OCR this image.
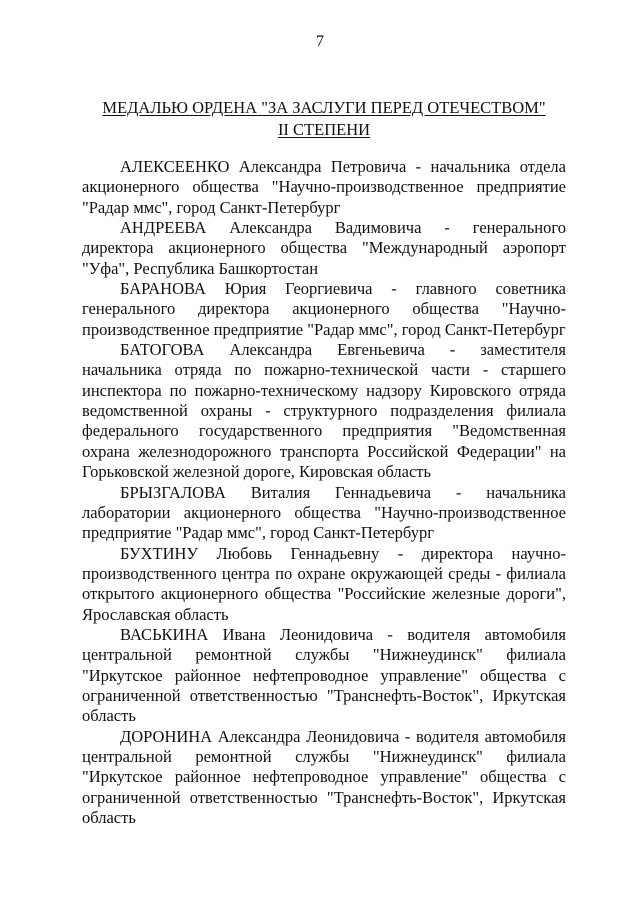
7
МЕДАЛЬЮ ОРДЕНА "ЗА ЗАСЛУГИ ПЕРЕД ОТЕЧЕСТВОМ"
II СТЕПЕНИ

АЛЕКСЕЕНКО Александра Петровича - начальника отдела акционерного общества "Научно-производственное предприятие "Радар ммс", город Санкт-Петербург

АНДРЕЕВА Александра Вадимовича - генерального директора акционерного общества "Международный аэропорт "Уфа", Республика Башкортостан

БАРАНОВА Юрия Георгиевича - главного советника генерального директора акционерного общества "Научно-производственное предприятие "Радар ммс", город Санкт-Петербург

БАТОГОВА Александра Евгеньевича - заместителя начальника отряда по пожарно-технической части - старшего инспектора по пожарно-техническому надзору Кировского отряда ведомственной охраны - структурного подразделения филиала федерального государственного предприятия "Ведомственная охрана железнодорожного транспорта Российской Федерации" на Горьковской железной дороге, Кировская область

БРЫЗГАЛОВА Виталия Геннадьевича - начальника лаборатории акционерного общества "Научно-производственное предприятие "Радар ммс", город Санкт-Петербург

БУХТИНУ Любовь Геннадьевну - директора научно-производственного центра по охране окружающей среды - филиала открытого акционерного общества "Российские железные дороги", Ярославская область

ВАСЬКИНА Ивана Леонидовича - водителя автомобиля центральной ремонтной службы "Нижнеудинск" филиала "Иркутское районное нефтепроводное управление" общества с ограниченной ответственностью "Транснефть-Восток", Иркутская область

ДОРОНИНА Александра Леонидовича - водителя автомобиля центральной ремонтной службы "Нижнеудинск" филиала "Иркутское районное нефтепроводное управление" общества с ограниченной ответственностью "Транснефть-Восток", Иркутская область
